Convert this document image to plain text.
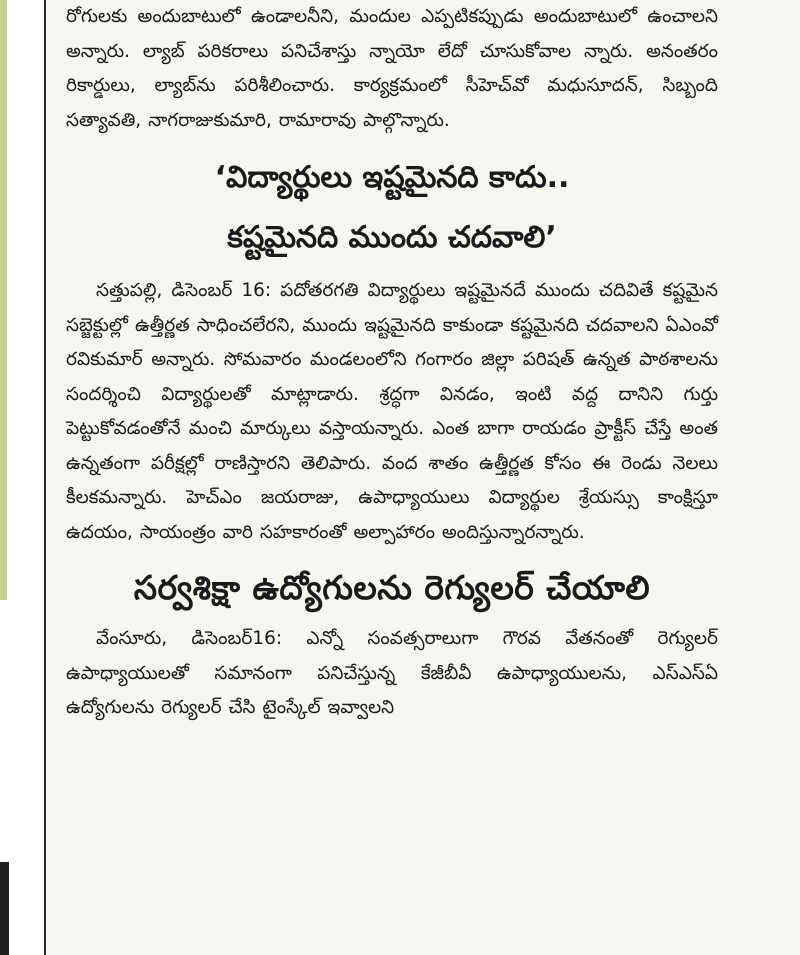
రోగులకు అందుబాటులో ఉండాలనీని, మందుల ఎప్పటికప్పుడు అందుబాటులో ఉంచాలని అన్నారు. ల్యాబ్ పరికరాలు పనిచేశాస్తు న్నాయో లేదో చూసుకోవాల న్నారు. అనంతరం రికార్డులు, ల్యాబ్‌ను పరిశీలించారు. కార్యక్రమంలో సీహెచ్‌వో మధుసూదన్, సిబ్బంది సత్యావతి, నాగరాజుకుమారి, రామారావు పాల్గొన్నారు.

‘విద్యార్థులు ఇష్టమైనది కాదు..
కష్టమైనది ముందు చదవాలి’

సత్తుపల్లి, డిసెంబర్ 16: పదోతరగతి విద్యార్థులు ఇష్టమైనదే ముందు చదివితే కష్టమైన సబ్జెక్టుల్లో ఉత్తీర్ణత సాధించలేరని, ముందు ఇష్టమైనది కాకుండా కష్టమైనది చదవాలని ఏఎంవో రవికుమార్ అన్నారు. సోమవారం మండలంలోని గంగారం జిల్లా పరిషత్ ఉన్నత పాఠశాలను సందర్శించి విద్యార్థులతో మాట్లాడారు. శ్రద్ధగా వినడం, ఇంటి వద్ద దానిని గుర్తు పెట్టుకోవడంతోనే మంచి మార్కులు వస్తాయన్నారు. ఎంత బాగా రాయడం ప్రాక్టీస్ చేస్తే అంత ఉన్నతంగా పరీక్షల్లో రాణిస్తారని తెలిపారు. వంద శాతం ఉత్తీర్ణత కోసం ఈ రెండు నెలలు కీలకమన్నారు. హెచ్ఎం జయరాజు, ఉపాధ్యాయులు విద్యార్థుల శ్రేయస్సు కాంక్షిస్తూ ఉదయం, సాయంత్రం వారి సహకారంతో అల్పాహారం అందిస్తున్నారన్నారు.

సర్వశిక్షా ఉద్యోగులను రెగ్యులర్ చేయాలి

వేంసూరు, డిసెంబర్16: ఎన్నో సంవత్సరాలుగా గౌరవ వేతనంతో రెగ్యులర్ ఉపాధ్యాయులతో సమానంగా పనిచేస్తున్న కేజీబీవీ ఉపాధ్యాయులను, ఎస్ఎస్ఏ ఉద్యోగులను రెగ్యులర్ చేసి టైంస్కేల్ ఇవ్వాలని
